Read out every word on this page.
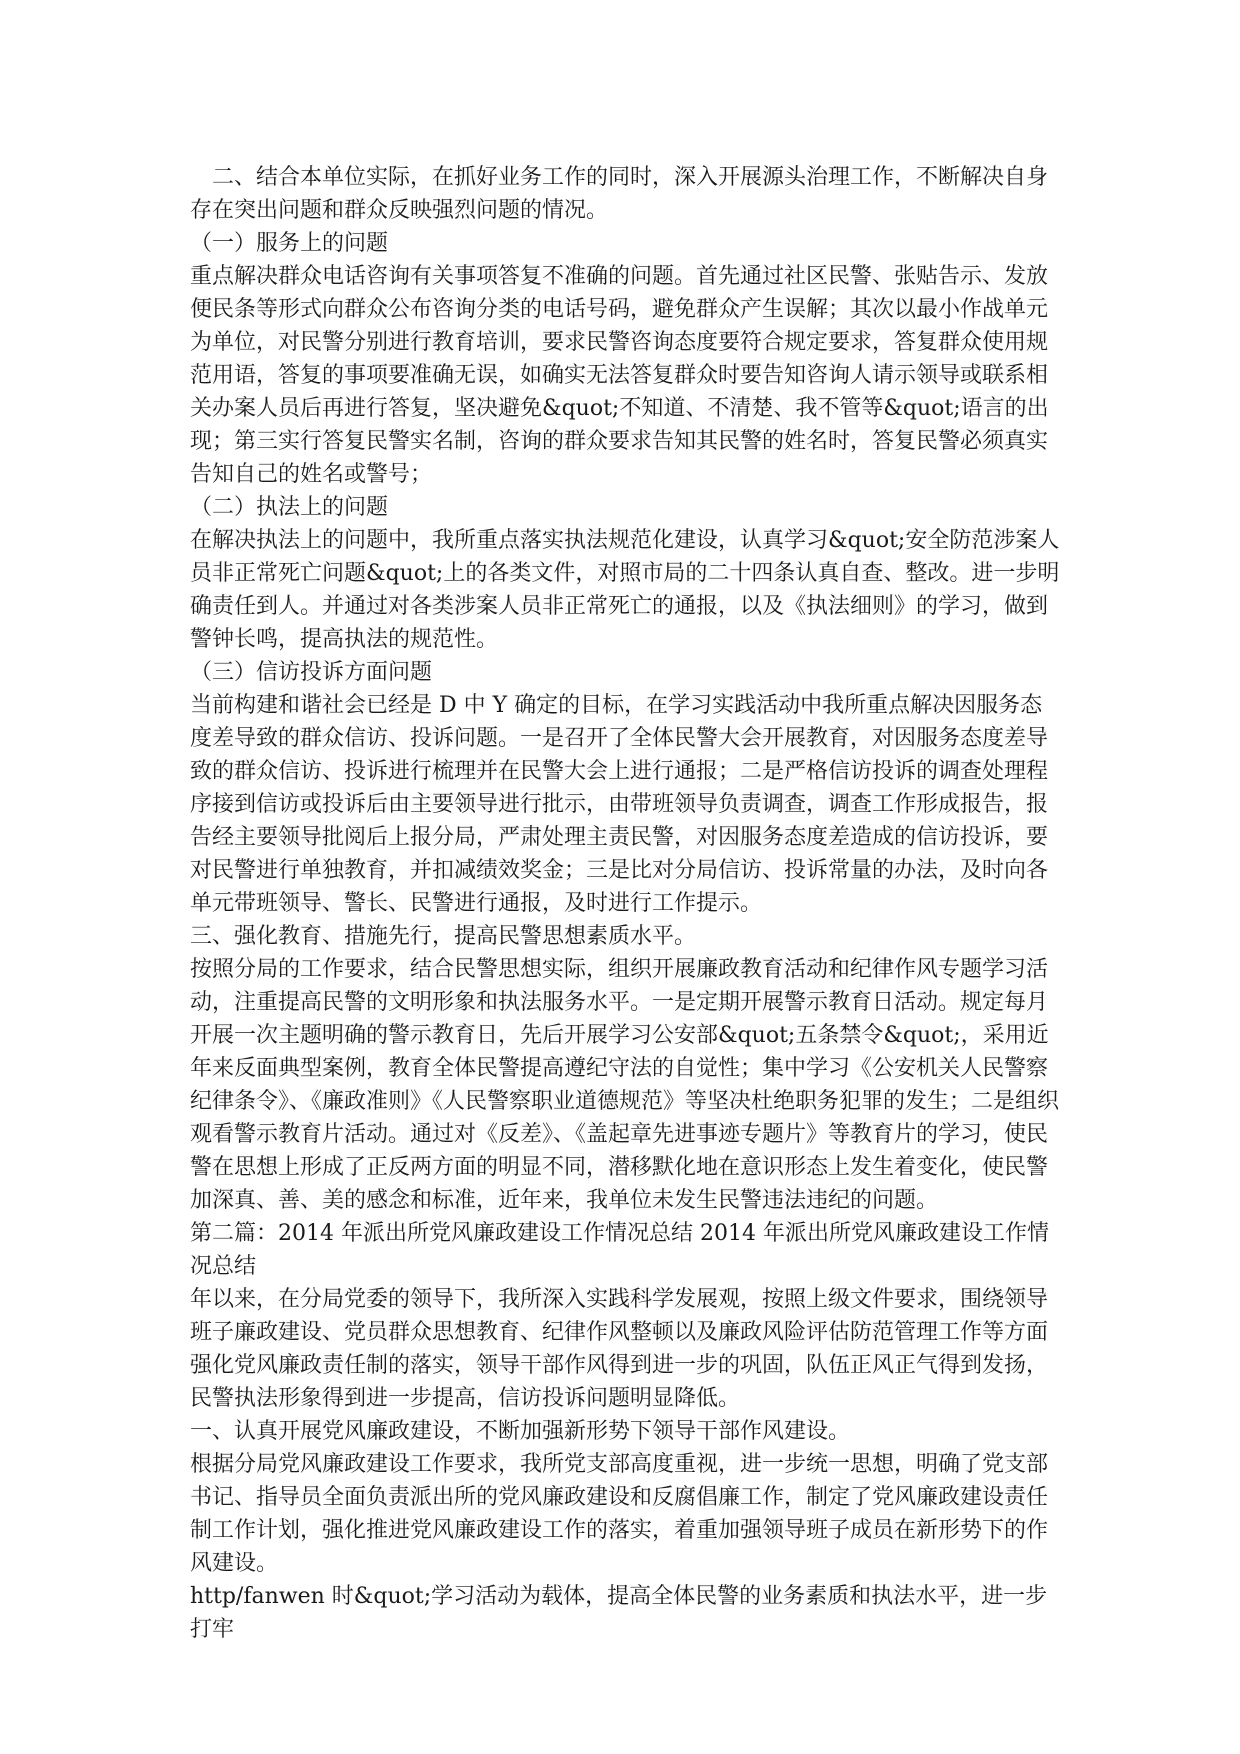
二、结合本单位实际，在抓好业务工作的同时，深入开展源头治理工作，不断解决自身存在突出问题和群众反映强烈问题的情况。

（一）服务上的问题

重点解决群众电话咨询有关事项答复不准确的问题。首先通过社区民警、张贴告示、发放便民条等形式向群众公布咨询分类的电话号码，避免群众产生误解；其次以最小作战单元为单位，对民警分别进行教育培训，要求民警咨询态度要符合规定要求，答复群众使用规范用语，答复的事项要准确无误，如确实无法答复群众时要告知咨询人请示领导或联系相关办案人员后再进行答复，坚决避免&quot;不知道、不清楚、我不管等&quot;语言的出现；第三实行答复民警实名制，咨询的群众要求告知其民警的姓名时，答复民警必须真实告知自己的姓名或警号；

（二）执法上的问题

在解决执法上的问题中，我所重点落实执法规范化建设，认真学习&quot;安全防范涉案人员非正常死亡问题&quot;上的各类文件，对照市局的二十四条认真自查、整改。进一步明确责任到人。并通过对各类涉案人员非正常死亡的通报，以及《执法细则》的学习，做到警钟长鸣，提高执法的规范性。

（三）信访投诉方面问题

当前构建和谐社会已经是 D 中 Y 确定的目标，在学习实践活动中我所重点解决因服务态度差导致的群众信访、投诉问题。一是召开了全体民警大会开展教育，对因服务态度差导致的群众信访、投诉进行梳理并在民警大会上进行通报；二是严格信访投诉的调查处理程序接到信访或投诉后由主要领导进行批示，由带班领导负责调查，调查工作形成报告，报告经主要领导批阅后上报分局，严肃处理主责民警，对因服务态度差造成的信访投诉，要对民警进行单独教育，并扣减绩效奖金；三是比对分局信访、投诉常量的办法，及时向各单元带班领导、警长、民警进行通报，及时进行工作提示。

三、强化教育、措施先行，提高民警思想素质水平。

按照分局的工作要求，结合民警思想实际，组织开展廉政教育活动和纪律作风专题学习活动，注重提高民警的文明形象和执法服务水平。一是定期开展警示教育日活动。规定每月开展一次主题明确的警示教育日，先后开展学习公安部&quot;五条禁令&quot;，采用近年来反面典型案例，教育全体民警提高遵纪守法的自觉性；集中学习《公安机关人民警察纪律条令》、《廉政准则》《人民警察职业道德规范》等坚决杜绝职务犯罪的发生；二是组织观看警示教育片活动。通过对《反差》、《盖起章先进事迹专题片》等教育片的学习，使民警在思想上形成了正反两方面的明显不同，潜移默化地在意识形态上发生着变化，使民警加深真、善、美的感念和标准，近年来，我单位未发生民警违法违纪的问题。

第二篇：2014 年派出所党风廉政建设工作情况总结 2014 年派出所党风廉政建设工作情况总结

年以来，在分局党委的领导下，我所深入实践科学发展观，按照上级文件要求，围绕领导班子廉政建设、党员群众思想教育、纪律作风整顿以及廉政风险评估防范管理工作等方面强化党风廉政责任制的落实，领导干部作风得到进一步的巩固，队伍正风正气得到发扬，民警执法形象得到进一步提高，信访投诉问题明显降低。

一、认真开展党风廉政建设，不断加强新形势下领导干部作风建设。

根据分局党风廉政建设工作要求，我所党支部高度重视，进一步统一思想，明确了党支部书记、指导员全面负责派出所的党风廉政建设和反腐倡廉工作，制定了党风廉政建设责任制工作计划，强化推进党风廉政建设工作的落实，着重加强领导班子成员在新形势下的作风建设。

http/fanwen 时&quot;学习活动为载体，提高全体民警的业务素质和执法水平，进一步打牢
